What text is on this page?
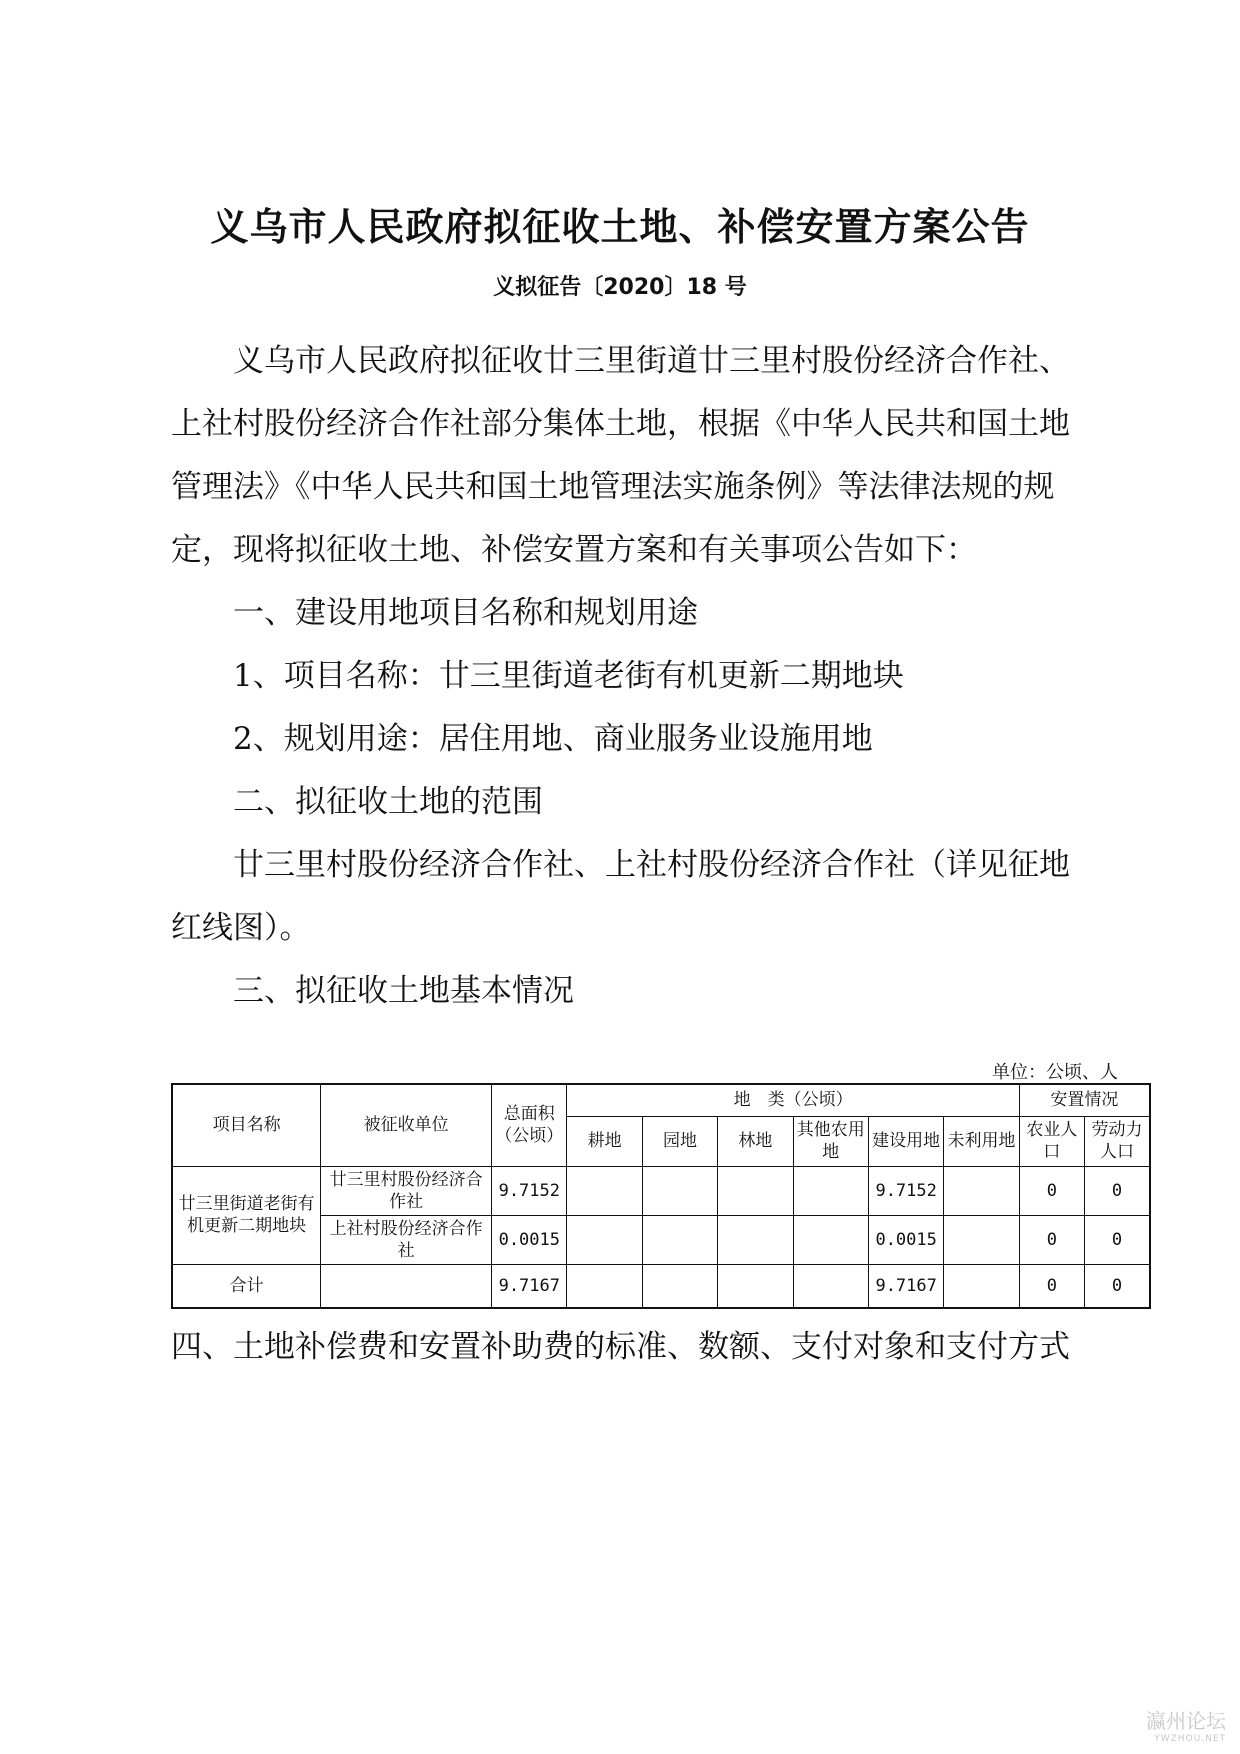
义乌市人民政府拟征收土地、补偿安置方案公告
义拟征告〔2020〕18 号

义乌市人民政府拟征收廿三里街道廿三里村股份经济合作社、上社村股份经济合作社部分集体土地，根据《中华人民共和国土地管理法》《中华人民共和国土地管理法实施条例》等法律法规的规定，现将拟征收土地、补偿安置方案和有关事项公告如下：

一、建设用地项目名称和规划用途

1、项目名称：廿三里街道老街有机更新二期地块

2、规划用途：居住用地、商业服务业设施用地

二、拟征收土地的范围

廿三里村股份经济合作社、上社村股份经济合作社（详见征地红线图）。

三、拟征收土地基本情况

单位：公顷、人
项目名称	被征收单位	总面积（公顷）	地　类（公顷）						安置情况	
			耕地	园地	林地	其他农用地	建设用地	未利用地	农业人口	劳动力人口
廿三里街道老街有机更新二期地块	廿三里村股份经济合作社	9.7152					9.7152		0	0
	上社村股份经济合作社	0.0015					0.0015		0	0
合计		9.7167					9.7167		0	0
四、土地补偿费和安置补助费的标准、数额、支付对象和支付方式
瀛州论坛
YWZHOU.NET
